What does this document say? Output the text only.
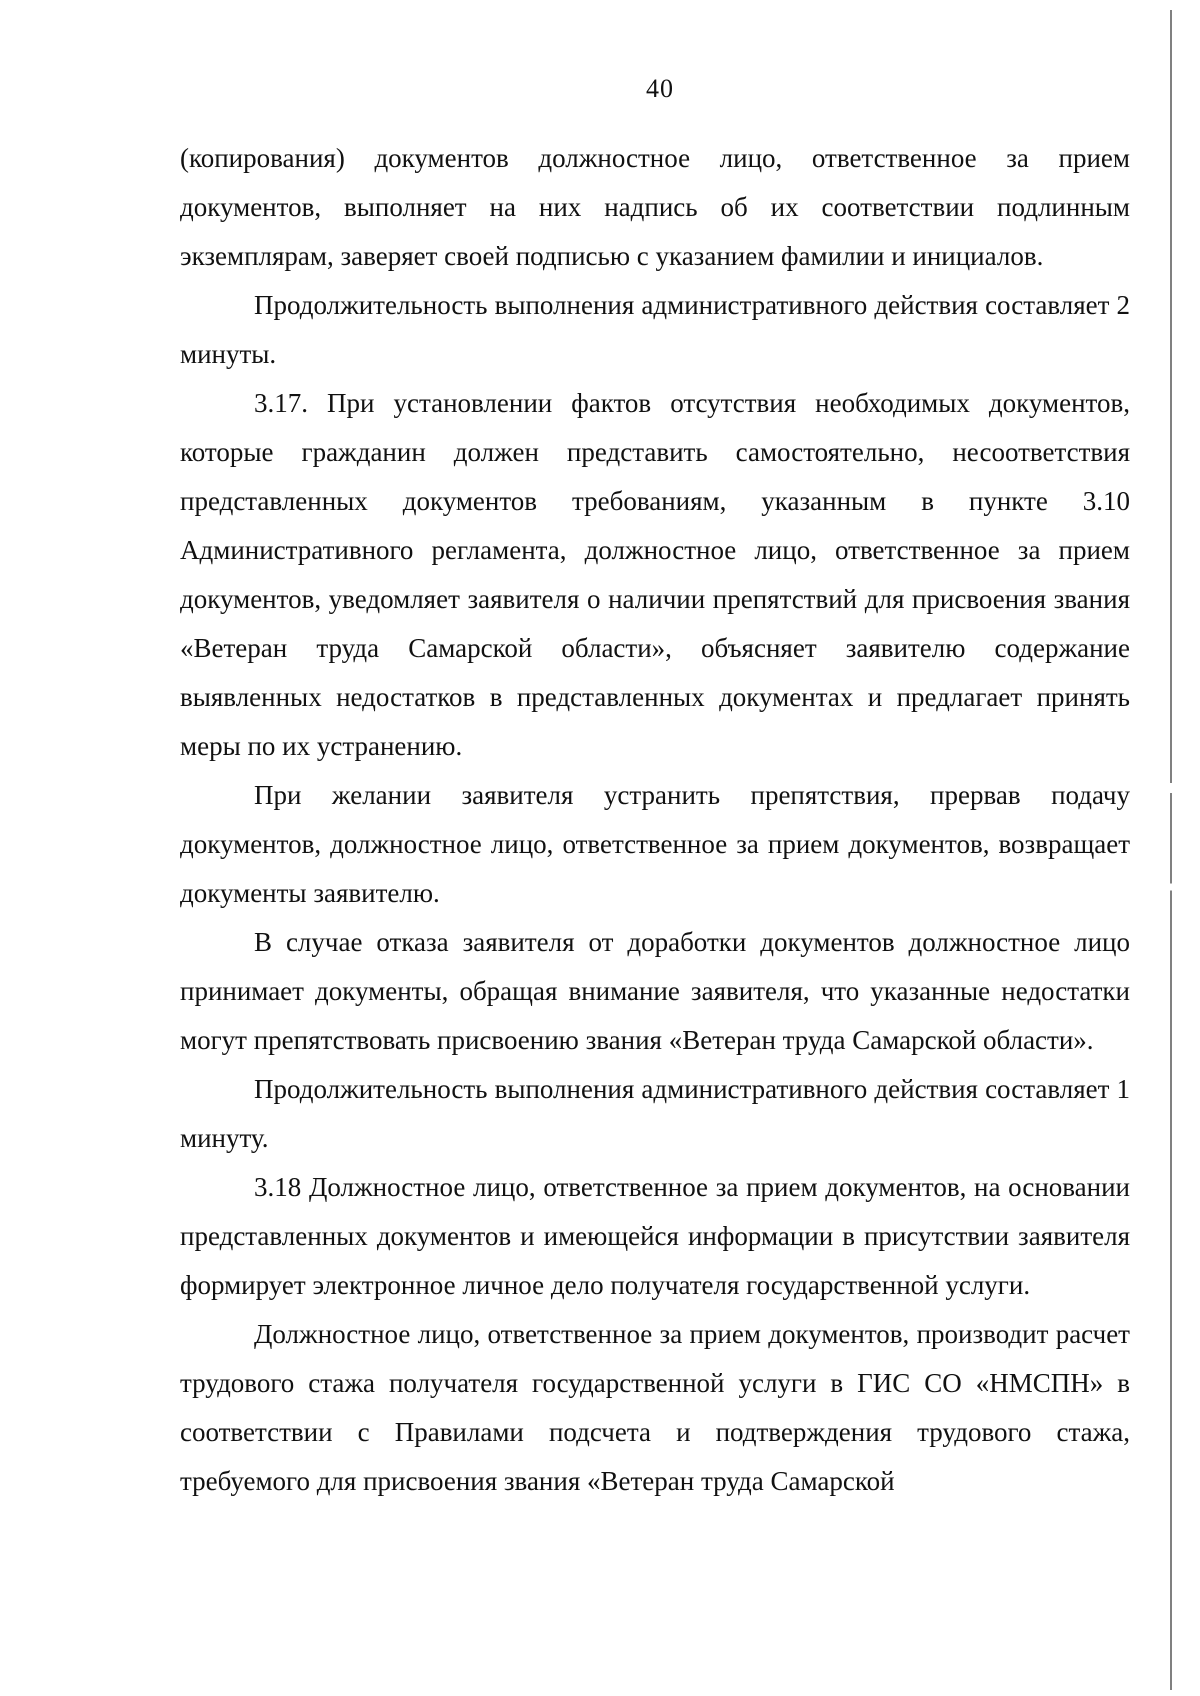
40

(копирования) документов должностное лицо, ответственное за прием документов, выполняет на них надпись об их соответствии подлинным экземплярам, заверяет своей подписью с указанием фамилии и инициалов.

Продолжительность выполнения административного действия составляет 2 минуты.

3.17. При установлении фактов отсутствия необходимых документов, которые гражданин должен представить самостоятельно, несоответствия представленных документов требованиям, указанным в пункте 3.10 Административного регламента, должностное лицо, ответственное за прием документов, уведомляет заявителя о наличии препятствий для присвоения звания «Ветеран труда Самарской области», объясняет заявителю содержание выявленных недостатков в представленных документах и предлагает принять меры по их устранению.

При желании заявителя устранить препятствия, прервав подачу документов, должностное лицо, ответственное за прием документов, возвращает документы заявителю.

В случае отказа заявителя от доработки документов должностное лицо принимает документы, обращая внимание заявителя, что указанные недостатки могут препятствовать присвоению звания «Ветеран труда Самарской области».

Продолжительность выполнения административного действия составляет 1 минуту.

3.18 Должностное лицо, ответственное за прием документов, на основании представленных документов и имеющейся информации в присутствии заявителя формирует электронное личное дело получателя государственной услуги.

Должностное лицо, ответственное за прием документов, производит расчет трудового стажа получателя государственной услуги в ГИС СО «НМСПН» в соответствии с Правилами подсчета и подтверждения трудового стажа, требуемого для присвоения звания «Ветеран труда Самарской
